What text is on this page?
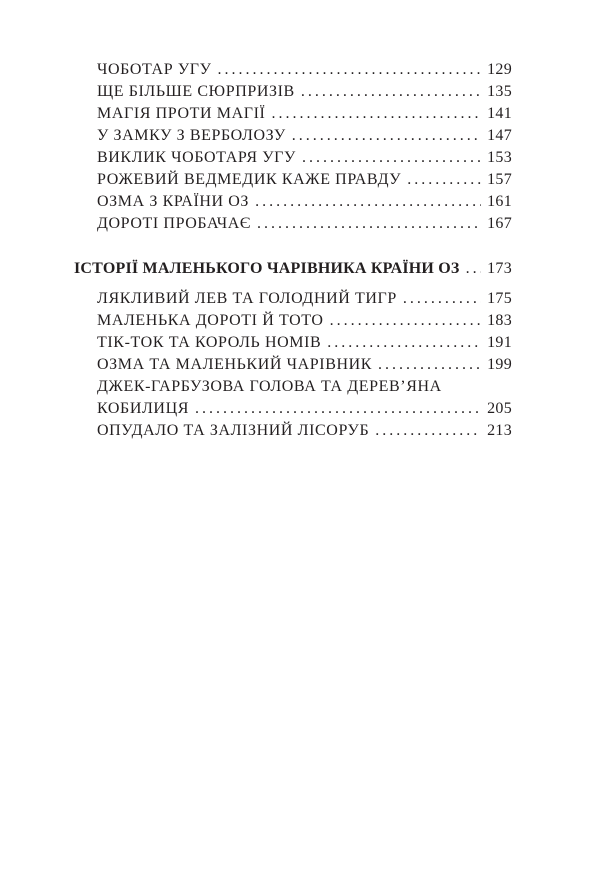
ЧОБОТАР УГУ . . .	129
ЩЕ БІЛЬШЕ СЮРПРИЗІВ . . .	135
МАГІЯ ПРОТИ МАГІЇ . . .	141
У ЗАМКУ З ВЕРБОЛОЗУ . . .	147
ВИКЛИК ЧОБОТАРЯ УГУ . . .	153
РОЖЕВИЙ ВЕДМЕДИК КАЖЕ ПРАВДУ . . .	157
ОЗМА З КРАЇНИ ОЗ . . .	161
ДОРОТІ ПРОБАЧАЄ . . .	167
ІСТОРІЇ МАЛЕНЬКОГО ЧАРІВНИКА КРАЇНИ ОЗ . . . 173
ЛЯКЛИВИЙ ЛЕВ ТА ГОЛОДНИЙ ТИГР . . .	175
МАЛЕНЬКА ДОРОТІ Й ТОТО . . .	183
ТІК-ТОК ТА КОРОЛЬ НОМІВ . . .	191
ОЗМА ТА МАЛЕНЬКИЙ ЧАРІВНИК . . .	199
ДЖЕК-ГАРБУЗОВА ГОЛОВА ТА ДЕРЕВ’ЯНА
КОБИЛИЦЯ . . .	205
ОПУДАЛО ТА ЗАЛІЗНИЙ ЛІСОРУБ . . .	213
